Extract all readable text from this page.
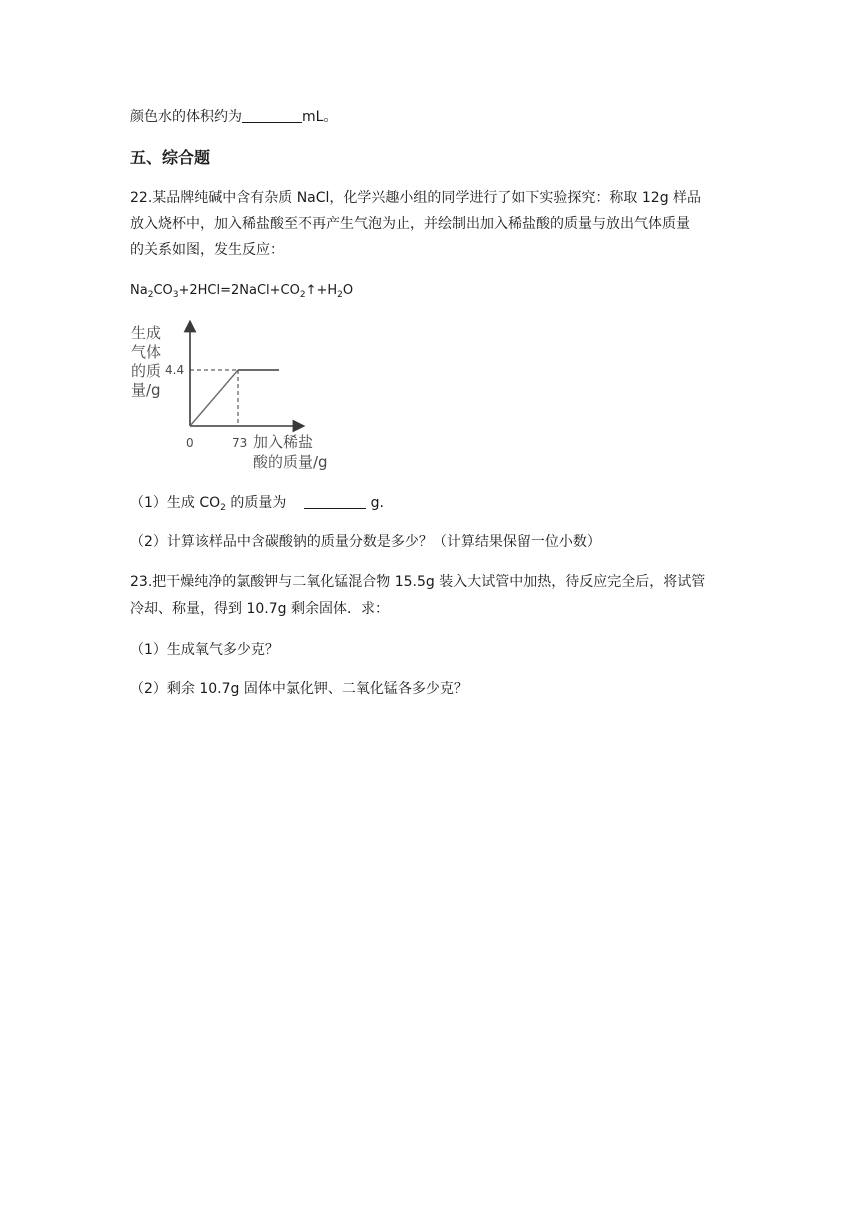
颜色水的体积约为	mL。
五、综合题
22.某品牌纯碱中含有杂质 NaCl，化学兴趣小组的同学进行了如下实验探究：称取 12g 样品
放入烧杯中，加入稀盐酸至不再产生气泡为止，并绘制出加入稀盐酸的质量与放出气体质量
的关系如图，发生反应：
$Na_2CO_3+2HCl=2NaCl+CO_2↑+H_2O$
生成
气体
的质
量/g
4.4
0	73 加入稀盐
酸的质量/g
（1）生成 $CO_2$ 的质量为	g.
（2）计算该样品中含碳酸钠的质量分数是多少？（计算结果保留一位小数）
23.把干燥纯净的氯酸钾与二氧化锰混合物 15.5g 装入大试管中加热，待反应完全后，将试管
冷却、称量，得到 10.7g 剩余固体．求：
（1）生成氧气多少克？
（2）剩余 10.7g 固体中氯化钾、二氧化锰各多少克？
